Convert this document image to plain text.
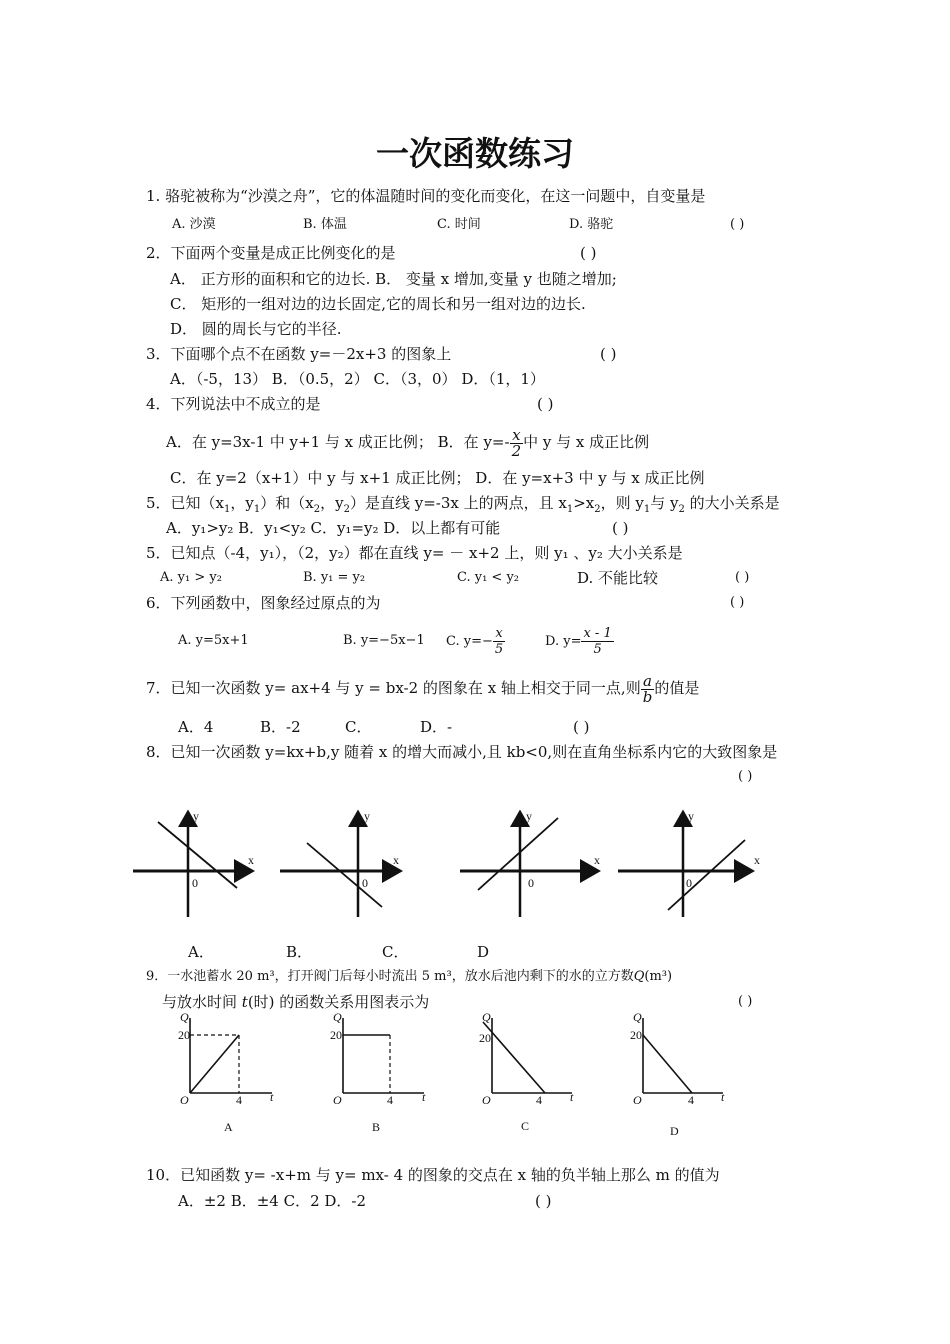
一次函数练习
1. 骆驼被称为“沙漠之舟”，它的体温随时间的变化而变化，在这一问题中，自变量是
A. 沙漠	B. 体温	C. 时间	D. 骆驼	( )
2．下面两个变量是成正比例变化的是	( )
A． 正方形的面积和它的边长. B． 变量 x 增加,变量 y 也随之增加;
C． 矩形的一组对边的边长固定,它的周长和另一组对边的边长.
D． 圆的周长与它的半径.
3．下面哪个点不在函数 y=－2x+3 的图象上	( )
A．（-5，13） B．（0.5，2） C．（3，0） D．（1，1）
4．下列说法中不成立的是	( )
A．在 y=3x-1 中 y+1 与 x 成正比例； B．在 $y=- \frac{x}{2}$ 中 y 与 x 成正比例
C．在 y=2（x+1）中 y 与 x+1 成正比例； D．在 y=x+3 中 y 与 x 成正比例
5．已知（$x_1$，$y_1$）和（$x_2$，$y_2$）是直线 y=-3x 上的两点，且 $x_1>x_2$，则 $y_1$与 $y_2$ 的大小关系是
A．y₁>y₂ B．y₁<y₂ C．y₁=y₂ D．以上都有可能	( )
5．已知点（-4，y₁），（2，y₂）都在直线 y= － x+2 上，则 y₁ 、y₂ 大小关系是
A. y₁ > y₂	B. y₁ = y₂	C. y₁ < y₂	D. 不能比较	( )
6．下列函数中，图象经过原点的为	( )
A. y=5x+1	B. y=−5x−1 C. $y=- \frac{x}{5}$	D. $y= \frac{x - 1}{5}$
7．已知一次函数 y= ax+4 与 y = bx-2 的图象在 x 轴上相交于同一点,则 $\frac{a}{b}$ 的值是
A．4	B．-2	C．	D．-	( )
8．已知一次函数 y=kx+b,y 随着 x 的增大而减小,且 kb<0,则在直角坐标系内它的大致图象是
( )
x
y
0
x
y
0
x
y
0
x
y
0
A．	B．	C．	D
9．一水池蓄水 20 m³，打开阀门后每小时流出 5 m³，放水后池内剩下的水的立方数Q(m³)
与放水时间 t(时) 的函数关系用图表示为	( )
Q
20
O	4 t
A
Q
20
O	4 t
B
Q
20
O	4 t
C
Q
20
O	4 t
D
10．已知函数 y= -x+m 与 y= mx- 4 的图象的交点在 x 轴的负半轴上那么 m 的值为
A．±2 B．±4 C．2 D．-2	( )
